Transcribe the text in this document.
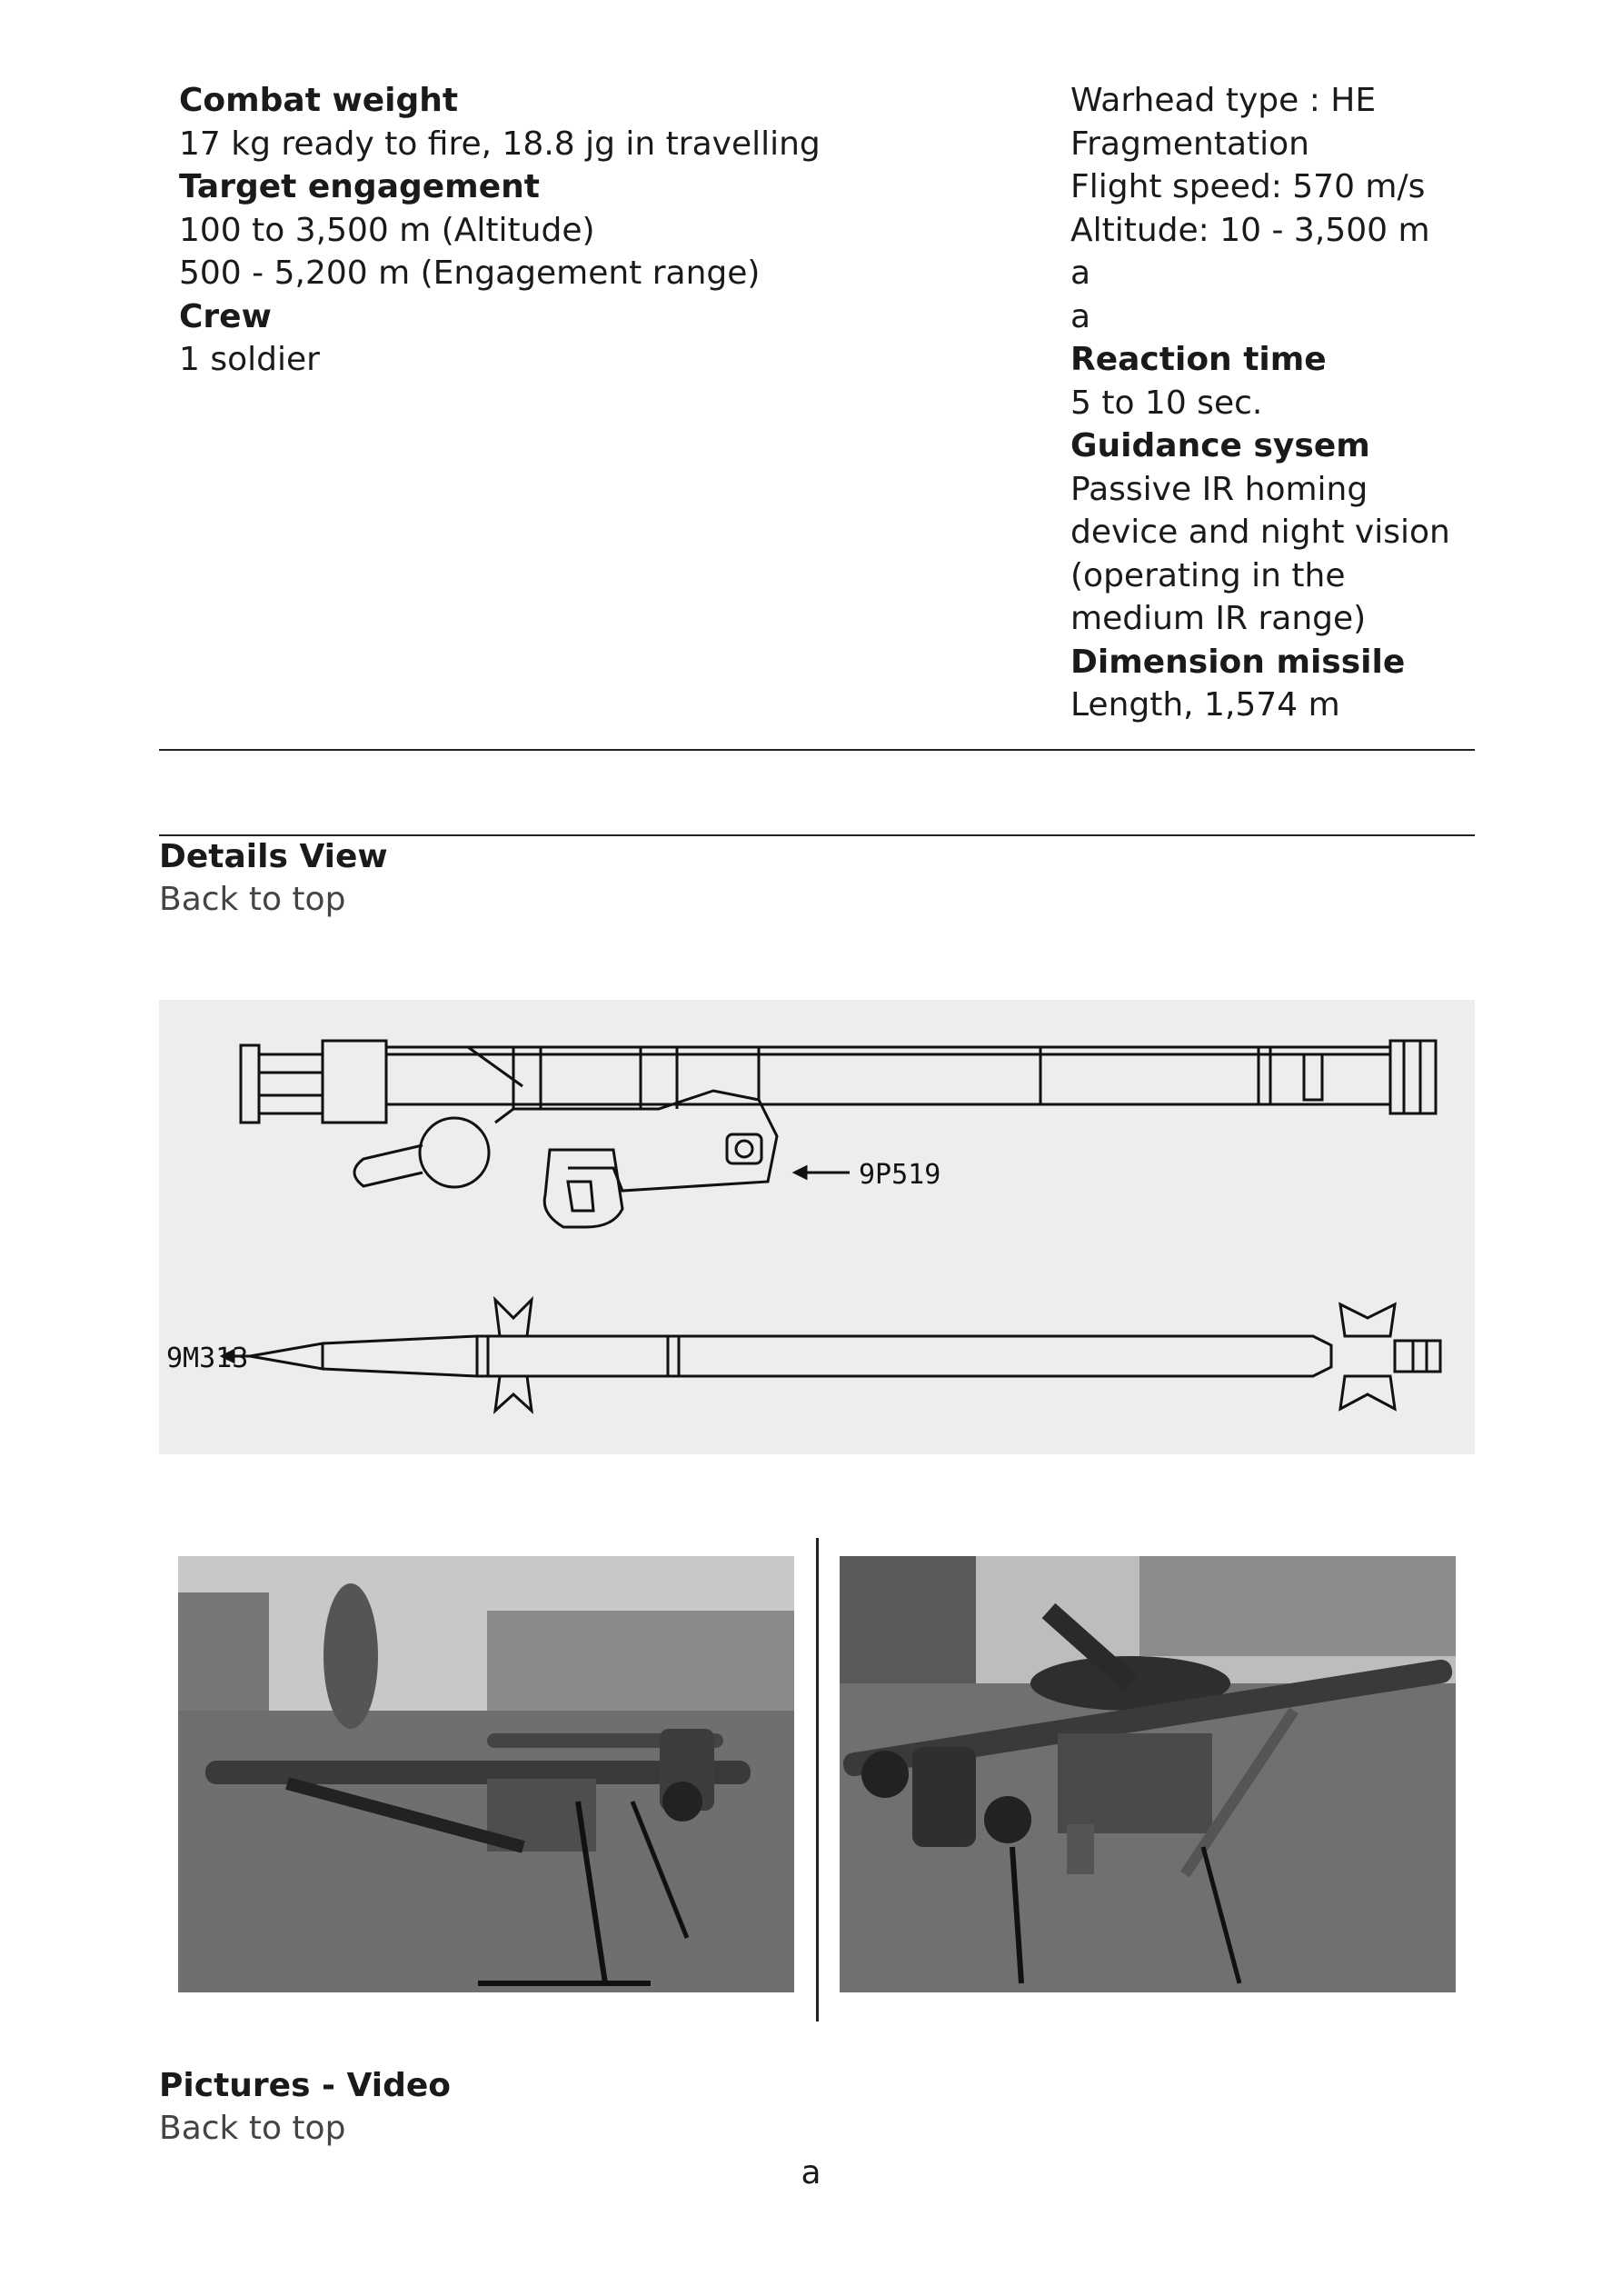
Combat weight
17 kg ready to fire, 18.8 jg in travelling
Target engagement
100 to 3,500 m (Altitude)
500 - 5,200 m (Engagement range)
Crew
1 soldier
Warhead type : HE
Fragmentation
Flight speed: 570 m/s
Altitude: 10 - 3,500 m
a
a
Reaction time
5 to 10 sec.
Guidance sysem
Passive IR homing
device and night vision
(operating in the
medium IR range)
Dimension missile
Length, 1,574 m
Details View
Back to top
9P519
9M313
Pictures - Video
Back to top
a
